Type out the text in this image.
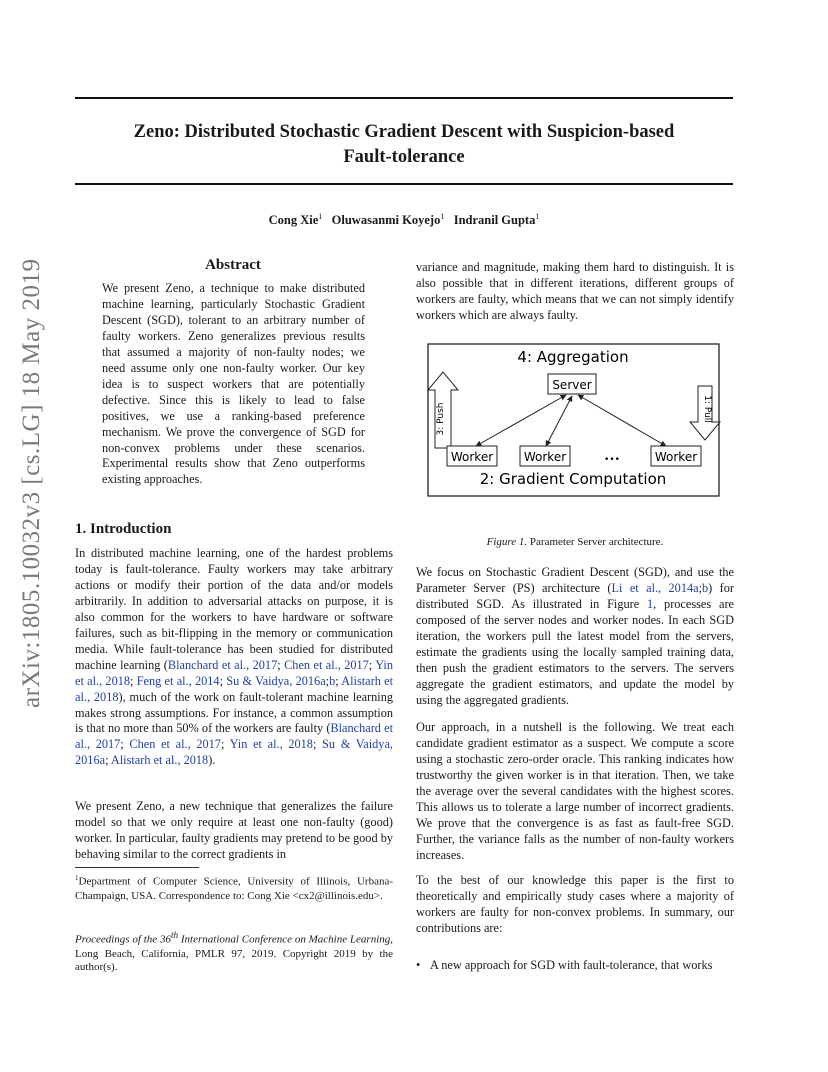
arXiv:1805.10032v3 [cs.LG] 18 May 2019
Zeno: Distributed Stochastic Gradient Descent with Suspicion-based
Fault-tolerance
Cong Xie$^1$ Oluwasanmi Koyejo$^1$ Indranil Gupta$^1$
Abstract
We present Zeno, a technique to make distributed machine learning, particularly Stochastic Gradient Descent (SGD), tolerant to an arbitrary number of faulty workers. Zeno generalizes previous results that assumed a majority of non-faulty nodes; we need assume only one non-faulty worker. Our key idea is to suspect workers that are potentially defective. Since this is likely to lead to false positives, we use a ranking-based preference mechanism. We prove the convergence of SGD for non-convex problems under these scenarios. Experimental results show that Zeno outperforms existing approaches.
1. Introduction
In distributed machine learning, one of the hardest problems today is fault-tolerance. Faulty workers may take arbitrary actions or modify their portion of the data and/or models arbitrarily. In addition to adversarial attacks on purpose, it is also common for the workers to have hardware or software failures, such as bit-flipping in the memory or communication media. While fault-tolerance has been studied for distributed machine learning (Blanchard et al., 2017; Chen et al., 2017; Yin et al., 2018; Feng et al., 2014; Su & Vaidya, 2016a;b; Alistarh et al., 2018), much of the work on fault-tolerant machine learning makes strong assumptions. For instance, a common assumption is that no more than 50% of the workers are faulty (Blanchard et al., 2017; Chen et al., 2017; Yin et al., 2018; Su & Vaidya, 2016a; Alistarh et al., 2018).
We present Zeno, a new technique that generalizes the failure model so that we only require at least one non-faulty (good) worker. In particular, faulty gradients may pretend to be good by behaving similar to the correct gradients in
$^1$Department of Computer Science, University of Illinois, Urbana-Champaign, USA. Correspondence to: Cong Xie <cx2@illinois.edu>.
Proceedings of the 36th International Conference on Machine Learning, Long Beach, California, PMLR 97, 2019. Copyright 2019 by the author(s).
variance and magnitude, making them hard to distinguish. It is also possible that in different iterations, different groups of workers are faulty, which means that we can not simply identify workers which are always faulty.
4: Aggregation
Server
3: Push	1: Pull
Worker	Worker	•••	Worker
2: Gradient Computation
Figure 1. Parameter Server architecture.
We focus on Stochastic Gradient Descent (SGD), and use the Parameter Server (PS) architecture (Li et al., 2014a;b) for distributed SGD. As illustrated in Figure 1, processes are composed of the server nodes and worker nodes. In each SGD iteration, the workers pull the latest model from the servers, estimate the gradients using the locally sampled training data, then push the gradient estimators to the servers. The servers aggregate the gradient estimators, and update the model by using the aggregated gradients.
Our approach, in a nutshell is the following. We treat each candidate gradient estimator as a suspect. We compute a score using a stochastic zero-order oracle. This ranking indicates how trustworthy the given worker is in that iteration. Then, we take the average over the several candidates with the highest scores. This allows us to tolerate a large number of incorrect gradients. We prove that the convergence is as fast as fault-free SGD. Further, the variance falls as the number of non-faulty workers increases.
To the best of our knowledge this paper is the first to theoretically and empirically study cases where a majority of workers are faulty for non-convex problems. In summary, our contributions are:
• A new approach for SGD with fault-tolerance, that works
